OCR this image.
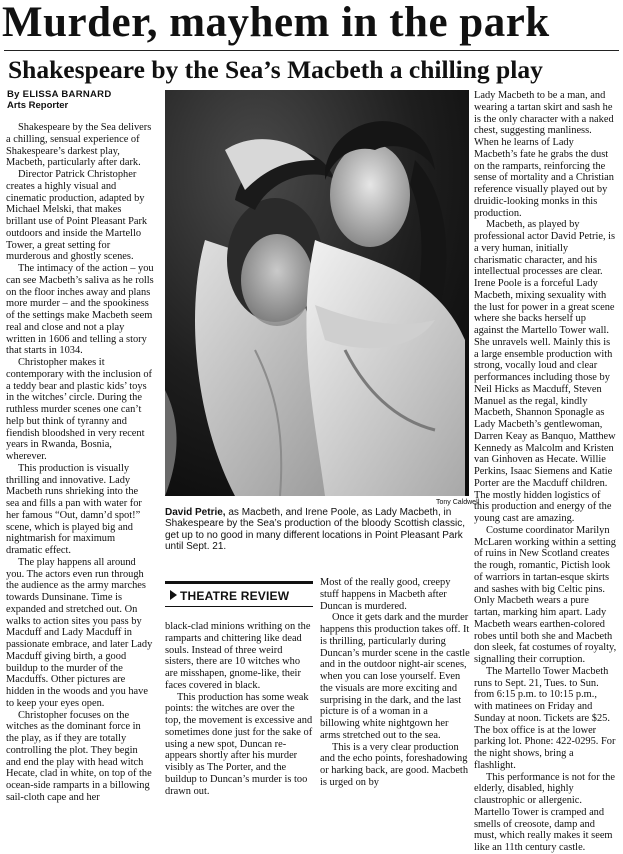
Murder, mayhem in the park
Shakespeare by the Sea’s Macbeth a chilling play
By ELISSA BARNARD
Arts Reporter

Shakespeare by the Sea delivers a chilling, sensual experience of Shakespeare’s darkest play, Macbeth, particularly after dark.

Director Patrick Christopher creates a highly visual and cinematic production, adapted by Michael Melski, that makes brillant use of Point Pleasant Park outdoors and inside the Martello Tower, a great setting for murderous and ghostly scenes.

The intimacy of the action – you can see Macbeth’s saliva as he rolls on the floor inches away and plans more murder – and the spookiness of the settings make Macbeth seem real and close and not a play written in 1606 and telling a story that starts in 1034.

Christopher makes it contemporary with the inclusion of a teddy bear and plastic kids’ toys in the witches’ circle. During the ruthless murder scenes one can’t help but think of tyranny and fiendish bloodshed in very recent years in Rwanda, Bosnia, wherever.

This production is visually thrilling and innovative. Lady Macbeth runs shrieking into the sea and fills a pan with water for her famous “Out, damn’d spot!” scene, which is played big and nightmarish for maximum dramatic effect.

The play happens all around you. The actors even run through the audience as the army marches towards Dunsinane. Time is expanded and stretched out. On walks to action sites you pass by Macduff and Lady Macduff in passionate embrace, and later Lady Macduff giving birth, a good buildup to the murder of the Macduffs. Other pictures are hidden in the woods and you have to keep your eyes open.

Christopher focuses on the witches as the dominant force in the play, as if they are totally controlling the plot. They begin and end the play with head witch Hecate, clad in white, on top of the ocean-side ramparts in a billowing sail-cloth cape and her

Tony Caldwell
David Petrie, as Macbeth, and Irene Poole, as Lady Macbeth, in Shakespeare by the Sea’s production of the bloody Scottish classic, get up to no good in many different locations in Point Pleasant Park until Sept. 21.
THEATRE REVIEW

black-clad minions writhing on the ramparts and chittering like dead souls. Instead of three weird sisters, there are 10 witches who are misshapen, gnome-like, their faces covered in black.

This production has some weak points: the witches are over the top, the movement is excessive and sometimes done just for the sake of using a new spot, Duncan re-appears shortly after his murder visibly as The Porter, and the buildup to Duncan’s murder is too drawn out.

Most of the really good, creepy stuff happens in Macbeth after Duncan is murdered.

Once it gets dark and the murder happens this production takes off. It is thrilling, particularly during Duncan’s murder scene in the castle and in the outdoor night-air scenes, when you can lose yourself. Even the visuals are more exciting and surprising in the dark, and the last picture is of a woman in a billowing white nightgown her arms stretched out to the sea.

This is a very clear production and the echo points, foreshadowing or harking back, are good. Macbeth is urged on by

Lady Macbeth to be a man, and wearing a tartan skirt and sash he is the only character with a naked chest, suggesting manliness. When he learns of Lady Macbeth’s fate he grabs the dust on the ramparts, reinforcing the sense of mortality and a Christian reference visually played out by druidic-looking monks in this production.

Macbeth, as played by professional actor David Petrie, is a very human, initially charismatic character, and his intellectual processes are clear. Irene Poole is a forceful Lady Macbeth, mixing sexuality with the lust for power in a great scene where she backs herself up against the Martello Tower wall. She unravels well. Mainly this is a large ensemble production with strong, vocally loud and clear performances including those by Neil Hicks as Macduff, Steven Manuel as the regal, kindly Macbeth, Shannon Sponagle as Lady Macbeth’s gentlewoman, Darren Keay as Banquo, Matthew Kennedy as Malcolm and Kristen van Ginhoven as Hecate. Willie Perkins, Isaac Siemens and Katie Porter are the Macduff children. The mostly hidden logistics of this production and energy of the young cast are amazing.

Costume coordinator Marilyn McLaren working within a setting of ruins in New Scotland creates the rough, romantic, Pictish look of warriors in tartan-esque skirts and sashes with big Celtic pins. Only Macbeth wears a pure tartan, marking him apart. Lady Macbeth wears earthen-colored robes until both she and Macbeth don sleek, fat costumes of royalty, signalling their corruption.

The Martello Tower Macbeth runs to Sept. 21, Tues. to Sun. from 6:15 p.m. to 10:15 p.m., with matinees on Friday and Sunday at noon. Tickets are $25. The box office is at the lower parking lot. Phone: 422-0295. For the night shows, bring a flashlight.

This performance is not for the elderly, disabled, highly claustrophic or allergenic. Martello Tower is cramped and smells of creosote, damp and must, which really makes it seem like an 11th century castle.
